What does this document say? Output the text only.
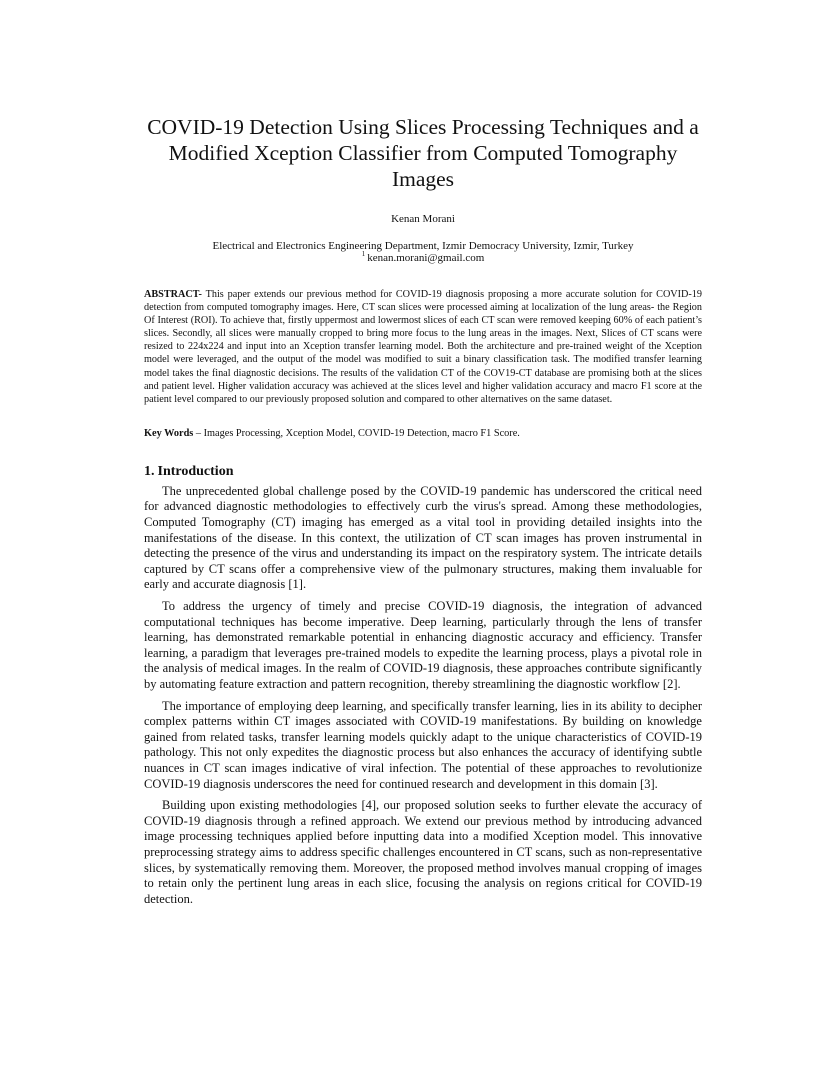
COVID-19 Detection Using Slices Processing Techniques and a Modified Xception Classifier from Computed Tomography Images
Kenan Morani
Electrical and Electronics Engineering Department, Izmir Democracy University, Izmir, Turkey
$^1$ kenan.morani@gmail.com
ABSTRACT- This paper extends our previous method for COVID-19 diagnosis proposing a more accurate solution for COVID-19 detection from computed tomography images. Here, CT scan slices were processed aiming at localization of the lung areas- the Region Of Interest (ROI). To achieve that, firstly uppermost and lowermost slices of each CT scan were removed keeping 60% of each patient’s slices. Secondly, all slices were manually cropped to bring more focus to the lung areas in the images. Next, Slices of CT scans were resized to 224x224 and input into an Xception transfer learning model. Both the architecture and pre-trained weight of the Xception model were leveraged, and the output of the model was modified to suit a binary classification task. The modified transfer learning model takes the final diagnostic decisions. The results of the validation CT of the COV19-CT database are promising both at the slices and patient level. Higher validation accuracy was achieved at the slices level and higher validation accuracy and macro F1 score at the patient level compared to our previously proposed solution and compared to other alternatives on the same dataset.
Key Words – Images Processing, Xception Model, COVID-19 Detection, macro F1 Score.
1. Introduction

The unprecedented global challenge posed by the COVID-19 pandemic has underscored the critical need for advanced diagnostic methodologies to effectively curb the virus's spread. Among these methodologies, Computed Tomography (CT) imaging has emerged as a vital tool in providing detailed insights into the manifestations of the disease. In this context, the utilization of CT scan images has proven instrumental in detecting the presence of the virus and understanding its impact on the respiratory system. The intricate details captured by CT scans offer a comprehensive view of the pulmonary structures, making them invaluable for early and accurate diagnosis [1].

To address the urgency of timely and precise COVID-19 diagnosis, the integration of advanced computational techniques has become imperative. Deep learning, particularly through the lens of transfer learning, has demonstrated remarkable potential in enhancing diagnostic accuracy and efficiency. Transfer learning, a paradigm that leverages pre-trained models to expedite the learning process, plays a pivotal role in the analysis of medical images. In the realm of COVID-19 diagnosis, these approaches contribute significantly by automating feature extraction and pattern recognition, thereby streamlining the diagnostic workflow [2].

The importance of employing deep learning, and specifically transfer learning, lies in its ability to decipher complex patterns within CT images associated with COVID-19 manifestations. By building on knowledge gained from related tasks, transfer learning models quickly adapt to the unique characteristics of COVID-19 pathology. This not only expedites the diagnostic process but also enhances the accuracy of identifying subtle nuances in CT scan images indicative of viral infection. The potential of these approaches to revolutionize COVID-19 diagnosis underscores the need for continued research and development in this domain [3].

Building upon existing methodologies [4], our proposed solution seeks to further elevate the accuracy of COVID-19 diagnosis through a refined approach. We extend our previous method by introducing advanced image processing techniques applied before inputting data into a modified Xception model. This innovative preprocessing strategy aims to address specific challenges encountered in CT scans, such as non-representative slices, by systematically removing them. Moreover, the proposed method involves manual cropping of images to retain only the pertinent lung areas in each slice, focusing the analysis on regions critical for COVID-19 detection.
